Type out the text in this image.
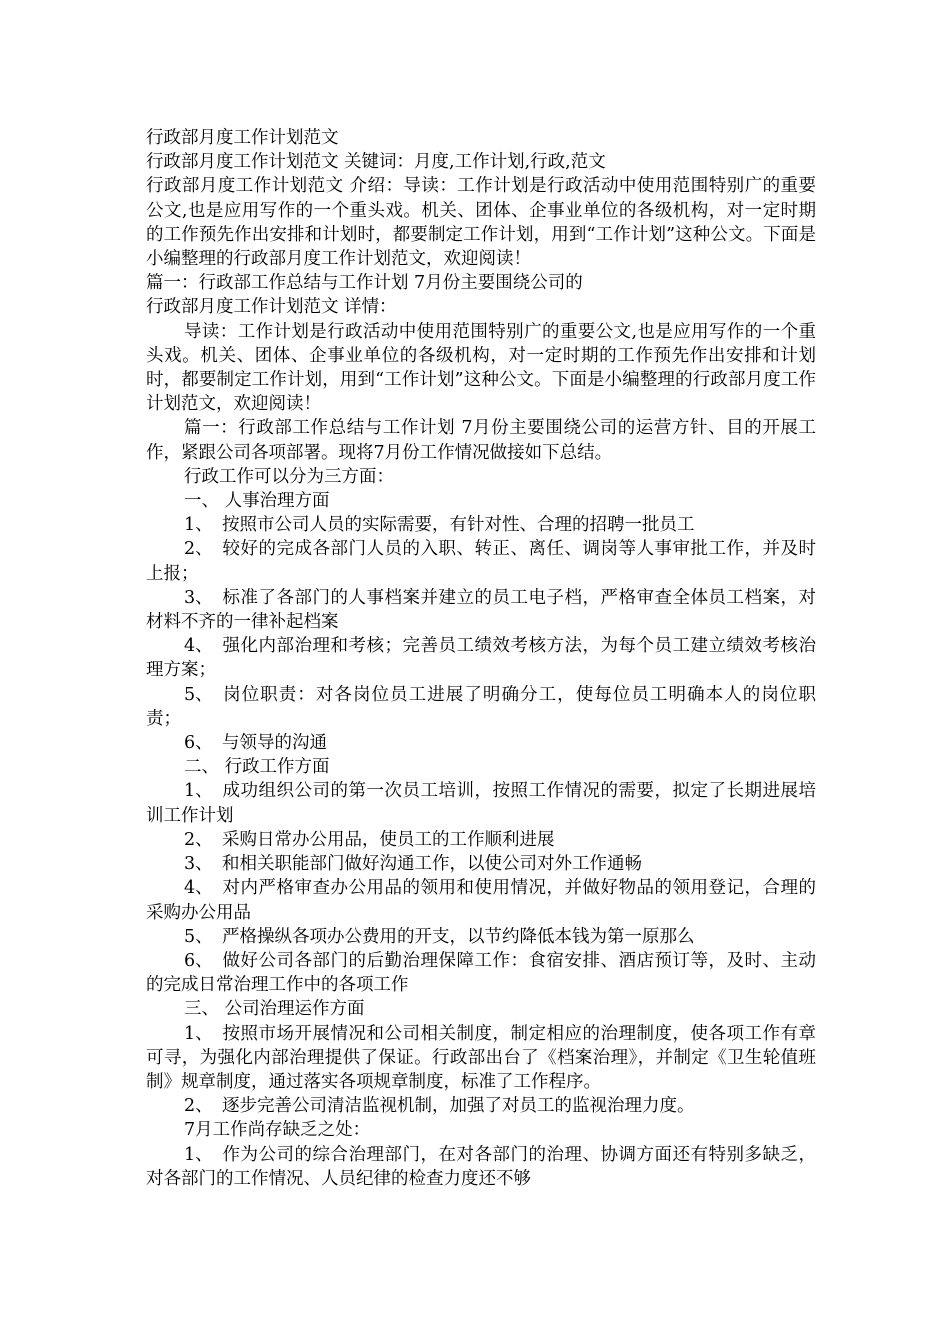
行政部月度工作计划范文
行政部月度工作计划范文 关键词：月度,工作计划,行政,范文
行政部月度工作计划范文 介绍：导读：工作计划是行政活动中使用范围特别广的重要公文,也是应用写作的一个重头戏。机关、团体、企事业单位的各级机构，对一定时期的工作预先作出安排和计划时，都要制定工作计划，用到“工作计划”这种公文。下面是小编整理的行政部月度工作计划范文，欢迎阅读！
篇一：行政部工作总结与工作计划 7月份主要围绕公司的
行政部月度工作计划范文 详情：
导读：工作计划是行政活动中使用范围特别广的重要公文,也是应用写作的一个重头戏。机关、团体、企事业单位的各级机构，对一定时期的工作预先作出安排和计划时，都要制定工作计划，用到“工作计划”这种公文。下面是小编整理的行政部月度工作计划范文，欢迎阅读！
篇一：行政部工作总结与工作计划 7月份主要围绕公司的运营方针、目的开展工作，紧跟公司各项部署。现将7月份工作情况做接如下总结。
行政工作可以分为三方面：
一、 人事治理方面
1、 按照市公司人员的实际需要，有针对性、合理的招聘一批员工
2、 较好的完成各部门人员的入职、转正、离任、调岗等人事审批工作，并及时上报；
3、 标准了各部门的人事档案并建立的员工电子档，严格审查全体员工档案，对材料不齐的一律补起档案
4、 强化内部治理和考核；完善员工绩效考核方法，为每个员工建立绩效考核治理方案；
5、 岗位职责：对各岗位员工进展了明确分工，使每位员工明确本人的岗位职责；
6、 与领导的沟通
二、 行政工作方面
1、 成功组织公司的第一次员工培训，按照工作情况的需要，拟定了长期进展培训工作计划
2、 采购日常办公用品，使员工的工作顺利进展
3、 和相关职能部门做好沟通工作，以使公司对外工作通畅
4、 对内严格审查办公用品的领用和使用情况，并做好物品的领用登记，合理的采购办公用品
5、 严格操纵各项办公费用的开支，以节约降低本钱为第一原那么
6、 做好公司各部门的后勤治理保障工作：食宿安排、酒店预订等，及时、主动的完成日常治理工作中的各项工作
三、 公司治理运作方面
1、 按照市场开展情况和公司相关制度，制定相应的治理制度，使各项工作有章可寻，为强化内部治理提供了保证。行政部出台了《档案治理》，并制定《卫生轮值班制》规章制度，通过落实各项规章制度，标准了工作程序。
2、 逐步完善公司清洁监视机制，加强了对员工的监视治理力度。
7月工作尚存缺乏之处：
1、 作为公司的综合治理部门，在对各部门的治理、协调方面还有特别多缺乏，对各部门的工作情况、人员纪律的检查力度还不够
